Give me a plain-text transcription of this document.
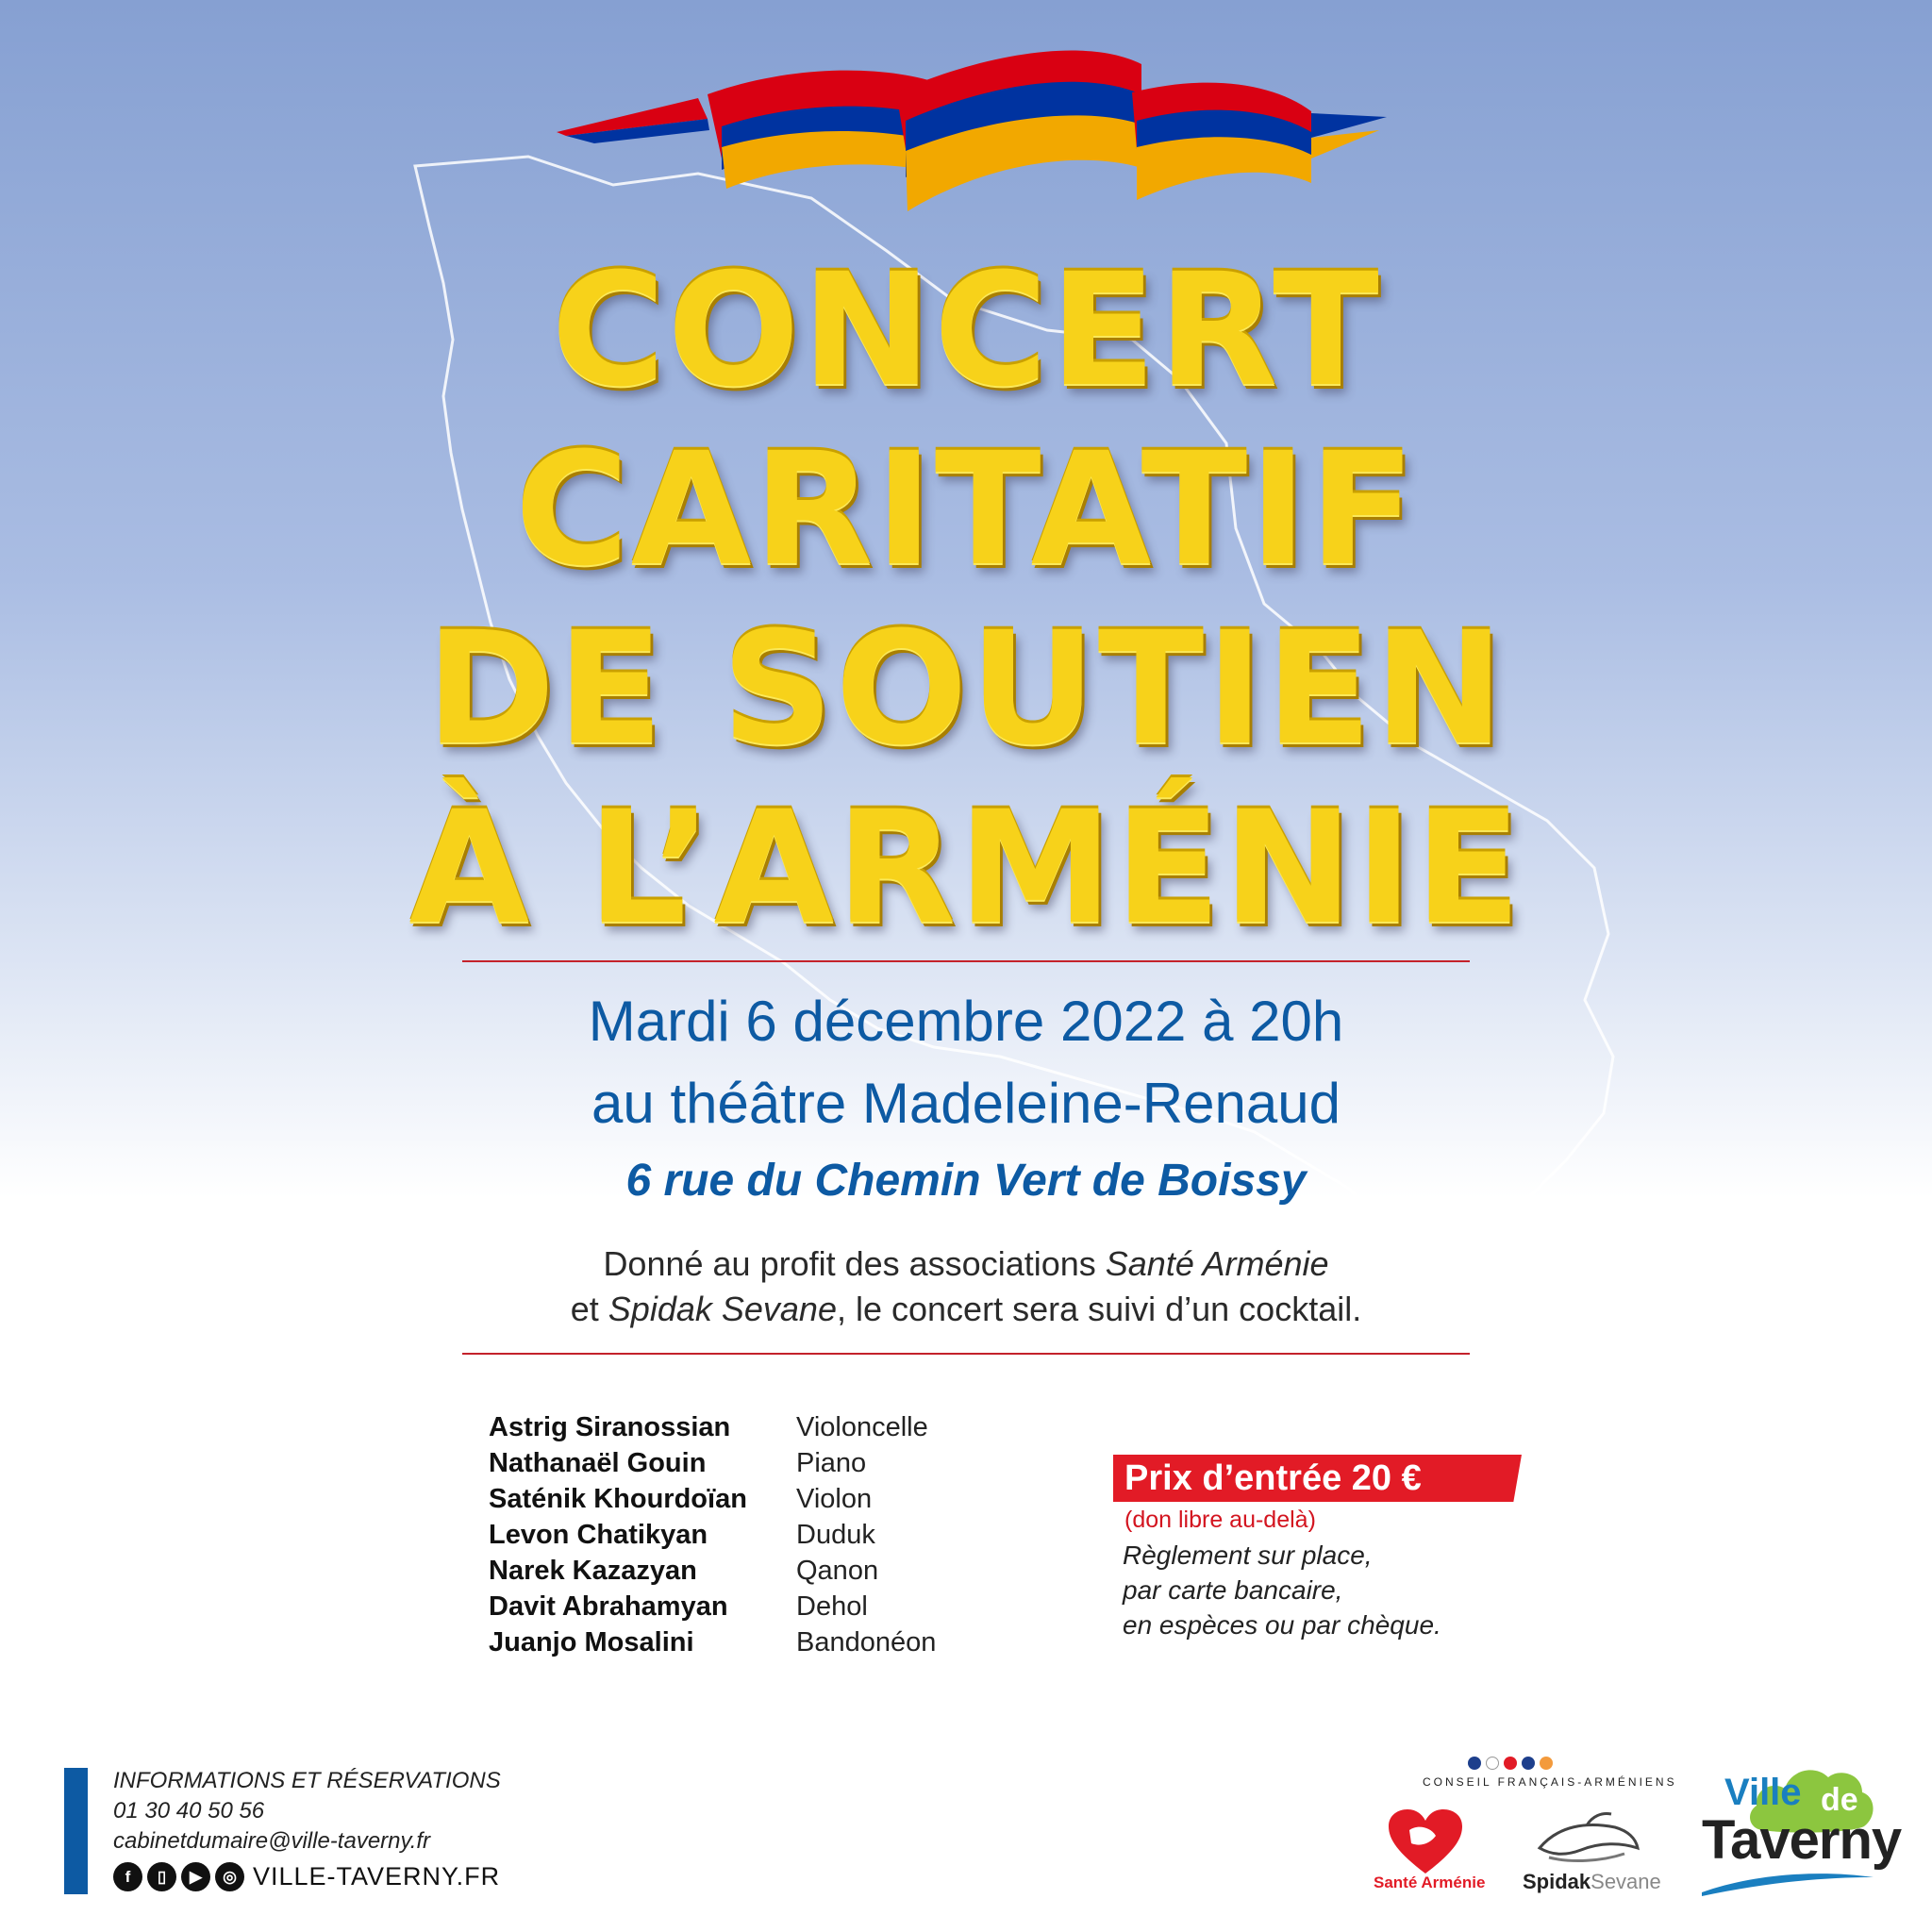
CONCERT
CARITATIF
DE SOUTIEN
À L’ARMÉNIE
Mardi 6 décembre 2022 à 20h
au théâtre Madeleine-Renaud
6 rue du Chemin Vert de Boissy
Donné au profit des associations Santé Arménie
et Spidak Sevane, le concert sera suivi d’un cocktail.
Astrig Siranossian Violoncelle
Nathanaël Gouin	Piano
Saténik Khourdoïan Violon
Levon Chatikyan	Duduk
Narek Kazazyan	Qanon
Davit Abrahamyan Dehol
Juanjo Mosalini	Bandonéon
Prix d’entrée 20 €
(don libre au-delà)
Règlement sur place,
par carte bancaire,
en espèces ou par chèque.
INFORMATIONS ET RÉSERVATIONS
01 30 40 50 56
cabinetdumaire@ville-taverny.fr
f ▯ ▶ ◎ VILLE-TAVERNY.FR
CONSEIL FRANÇAIS-ARMÉNIENS
Santé Arménie SpidakSevane
Ville de
Taverny
